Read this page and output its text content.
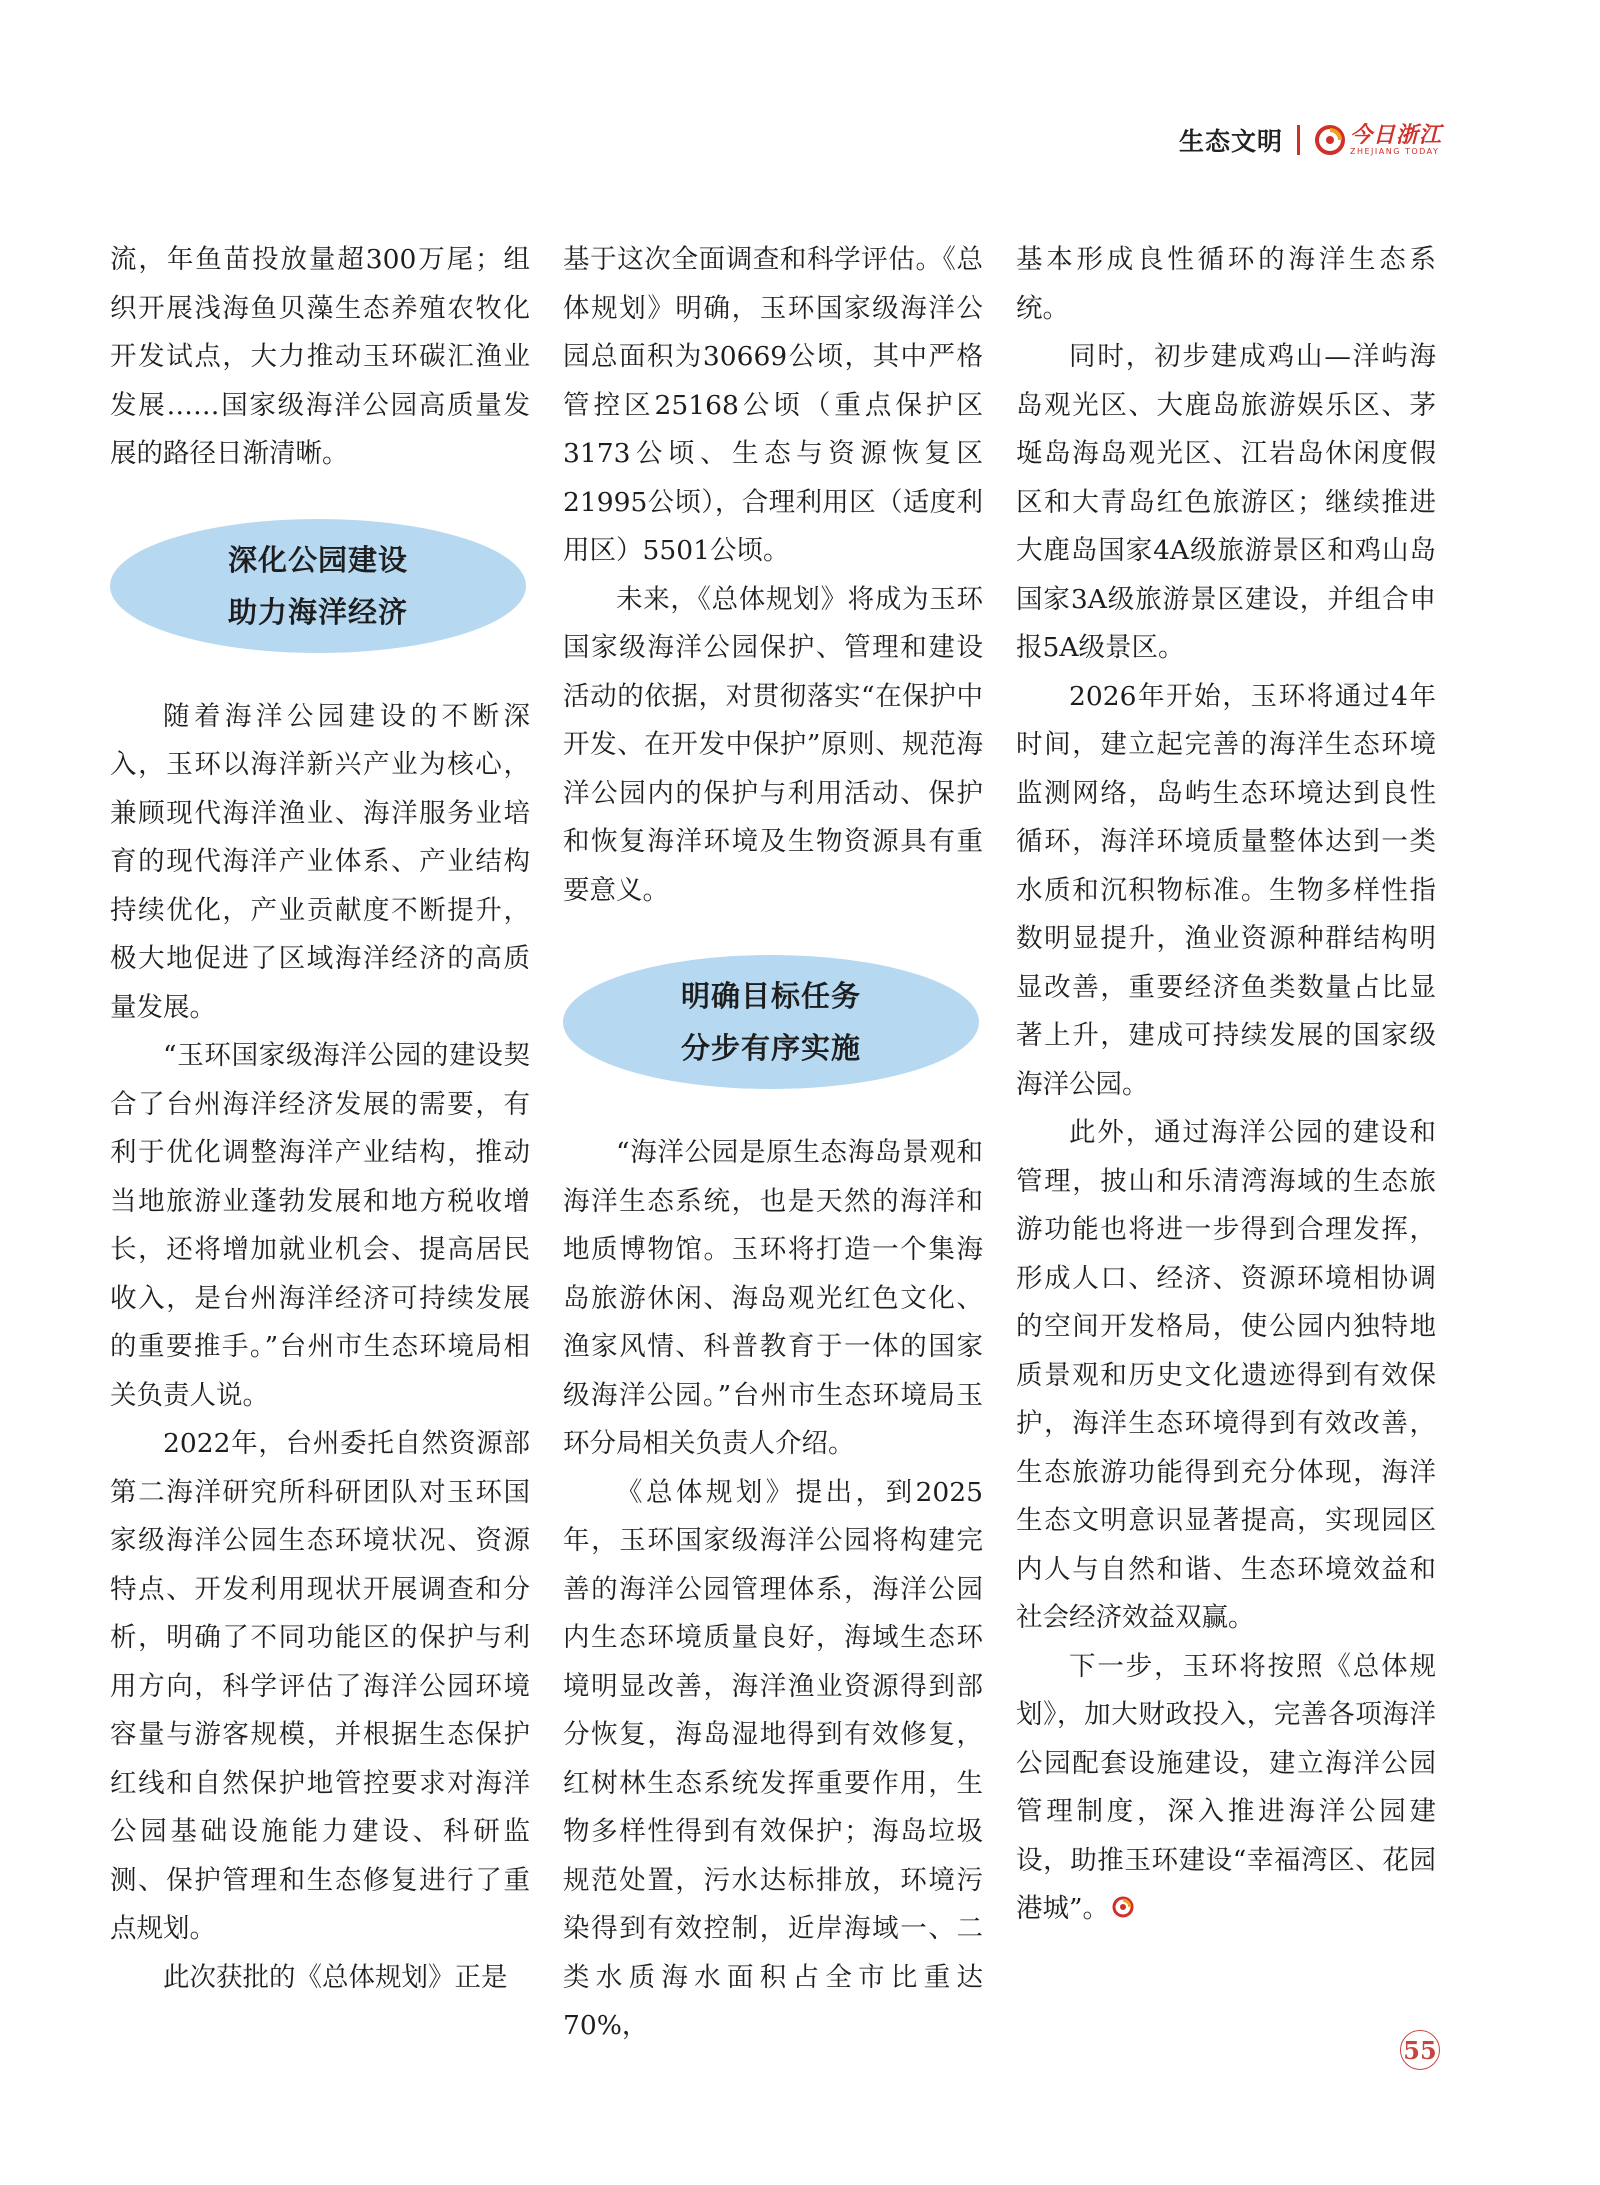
生态文明	今日浙江
ZHEJIANG TODAY

流，年鱼苗投放量超300万尾；组织开展浅海鱼贝藻生态养殖农牧化开发试点，大力推动玉环碳汇渔业发展……国家级海洋公园高质量发展的路径日渐清晰。

深化公园建设
助力海洋经济

随着海洋公园建设的不断深入，玉环以海洋新兴产业为核心，兼顾现代海洋渔业、海洋服务业培育的现代海洋产业体系、产业结构持续优化，产业贡献度不断提升，极大地促进了区域海洋经济的高质量发展。

“玉环国家级海洋公园的建设契合了台州海洋经济发展的需要，有利于优化调整海洋产业结构，推动当地旅游业蓬勃发展和地方税收增长，还将增加就业机会、提高居民收入，是台州海洋经济可持续发展的重要推手。”台州市生态环境局相关负责人说。

2022年，台州委托自然资源部第二海洋研究所科研团队对玉环国家级海洋公园生态环境状况、资源特点、开发利用现状开展调查和分析，明确了不同功能区的保护与利用方向，科学评估了海洋公园环境容量与游客规模，并根据生态保护红线和自然保护地管控要求对海洋公园基础设施能力建设、科研监测、保护管理和生态修复进行了重点规划。

此次获批的《总体规划》正是

基于这次全面调查和科学评估。《总体规划》明确，玉环国家级海洋公园总面积为30669公顷，其中严格管控区25168公顷（重点保护区3173公顷、生态与资源恢复区21995公顷），合理利用区（适度利用区）5501公顷。

未来，《总体规划》将成为玉环国家级海洋公园保护、管理和建设活动的依据，对贯彻落实“在保护中开发、在开发中保护”原则、规范海洋公园内的保护与利用活动、保护和恢复海洋环境及生物资源具有重要意义。

明确目标任务
分步有序实施

“海洋公园是原生态海岛景观和海洋生态系统，也是天然的海洋和地质博物馆。玉环将打造一个集海岛旅游休闲、海岛观光红色文化、渔家风情、科普教育于一体的国家级海洋公园。”台州市生态环境局玉环分局相关负责人介绍。

《总体规划》提出，到2025年，玉环国家级海洋公园将构建完善的海洋公园管理体系，海洋公园内生态环境质量良好，海域生态环境明显改善，海洋渔业资源得到部分恢复，海岛湿地得到有效修复，红树林生态系统发挥重要作用，生物多样性得到有效保护；海岛垃圾规范处置，污水达标排放，环境污染得到有效控制，近岸海域一、二类水质海水面积占全市比重达70%，

基本形成良性循环的海洋生态系统。

同时，初步建成鸡山—洋屿海岛观光区、大鹿岛旅游娱乐区、茅埏岛海岛观光区、江岩岛休闲度假区和大青岛红色旅游区；继续推进大鹿岛国家4A级旅游景区和鸡山岛国家3A级旅游景区建设，并组合申报5A级景区。

2026年开始，玉环将通过4年时间，建立起完善的海洋生态环境监测网络，岛屿生态环境达到良性循环，海洋环境质量整体达到一类水质和沉积物标准。生物多样性指数明显提升，渔业资源种群结构明显改善，重要经济鱼类数量占比显著上升，建成可持续发展的国家级海洋公园。

此外，通过海洋公园的建设和管理，披山和乐清湾海域的生态旅游功能也将进一步得到合理发挥，形成人口、经济、资源环境相协调的空间开发格局，使公园内独特地质景观和历史文化遗迹得到有效保护，海洋生态环境得到有效改善，生态旅游功能得到充分体现，海洋生态文明意识显著提高，实现园区内人与自然和谐、生态环境效益和社会经济效益双赢。

下一步，玉环将按照《总体规划》，加大财政投入，完善各项海洋公园配套设施建设，建立海洋公园管理制度，深入推进海洋公园建设，助推玉环建设“幸福湾区、花园港城”。

55
